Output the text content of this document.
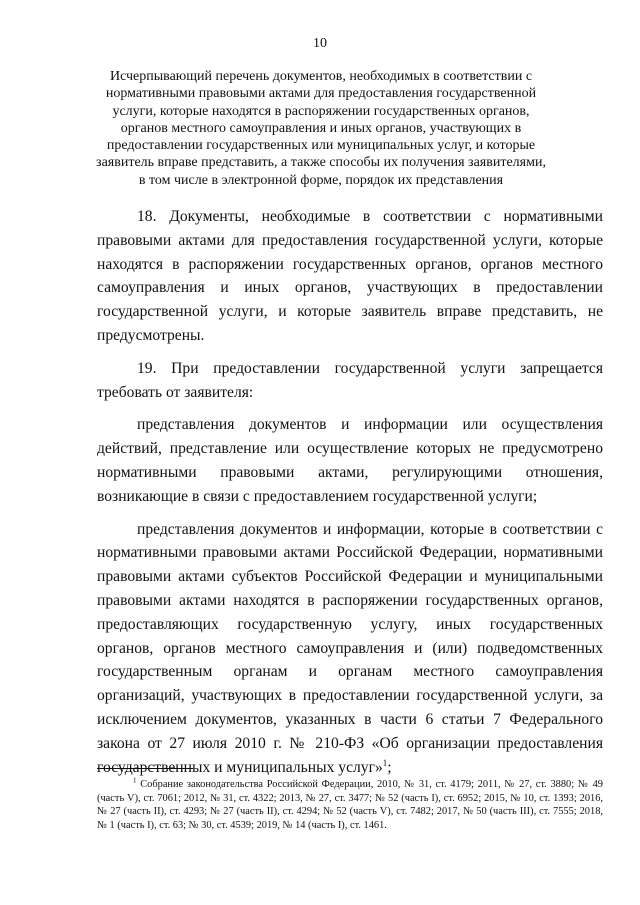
10
Исчерпывающий перечень документов, необходимых в соответствии с нормативными правовыми актами для предоставления государственной услуги, которые находятся в распоряжении государственных органов, органов местного самоуправления и иных органов, участвующих в предоставлении государственных или муниципальных услуг, и которые заявитель вправе представить, а также способы их получения заявителями, в том числе в электронной форме, порядок их представления

18. Документы, необходимые в соответствии с нормативными правовыми актами для предоставления государственной услуги, которые находятся в распоряжении государственных органов, органов местного самоуправления и иных органов, участвующих в предоставлении государственной услуги, и которые заявитель вправе представить, не предусмотрены.

19. При предоставлении государственной услуги запрещается требовать от заявителя:

представления документов и информации или осуществления действий, представление или осуществление которых не предусмотрено нормативными правовыми актами, регулирующими отношения, возникающие в связи с предоставлением государственной услуги;

представления документов и информации, которые в соответствии с нормативными правовыми актами Российской Федерации, нормативными правовыми актами субъектов Российской Федерации и муниципальными правовыми актами находятся в распоряжении государственных органов, предоставляющих государственную услугу, иных государственных органов, органов местного самоуправления и (или) подведомственных государственным органам и органам местного самоуправления организаций, участвующих в предоставлении государственной услуги, за исключением документов, указанных в части 6 статьи 7 Федерального закона от 27 июля 2010 г. № 210-ФЗ «Об организации предоставления государственных и муниципальных услуг»$^1$;

$^1$ Собрание законодательства Российской Федерации, 2010, № 31, ст. 4179; 2011, № 27, ст. 3880; № 49 (часть V), ст. 7061; 2012, № 31, ст. 4322; 2013, № 27, ст. 3477; № 52 (часть I), ст. 6952; 2015, № 10, ст. 1393; 2016, № 27 (часть II), ст. 4293; № 27 (часть II), ст. 4294; № 52 (часть V), ст. 7482; 2017, № 50 (часть III), ст. 7555; 2018, № 1 (часть I), ст. 63; № 30, ст. 4539; 2019, № 14 (часть I), ст. 1461.
